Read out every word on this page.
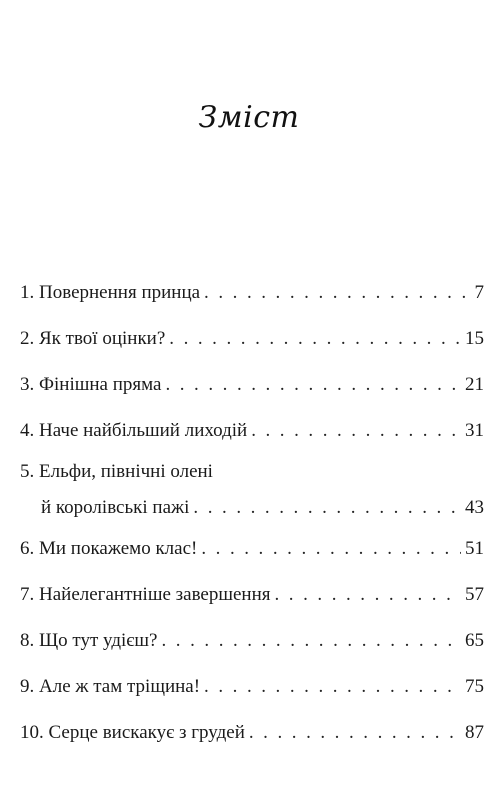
Зміст
1. Повернення принца . . .	7
2. Як твої оцінки? . . .	15
3. Фінішна пряма . . .	21
4. Наче найбільший лиходій . . .	31
5. Ельфи, північні олені
й королівські пажі . . .	43
6. Ми покажемо клас! . . .	51
7. Найелегантніше завершення . . .	57
8. Що тут удієш? . . .	65
9. Але ж там тріщина! . . .	75
10. Серце вискакує з грудей . . .	87
